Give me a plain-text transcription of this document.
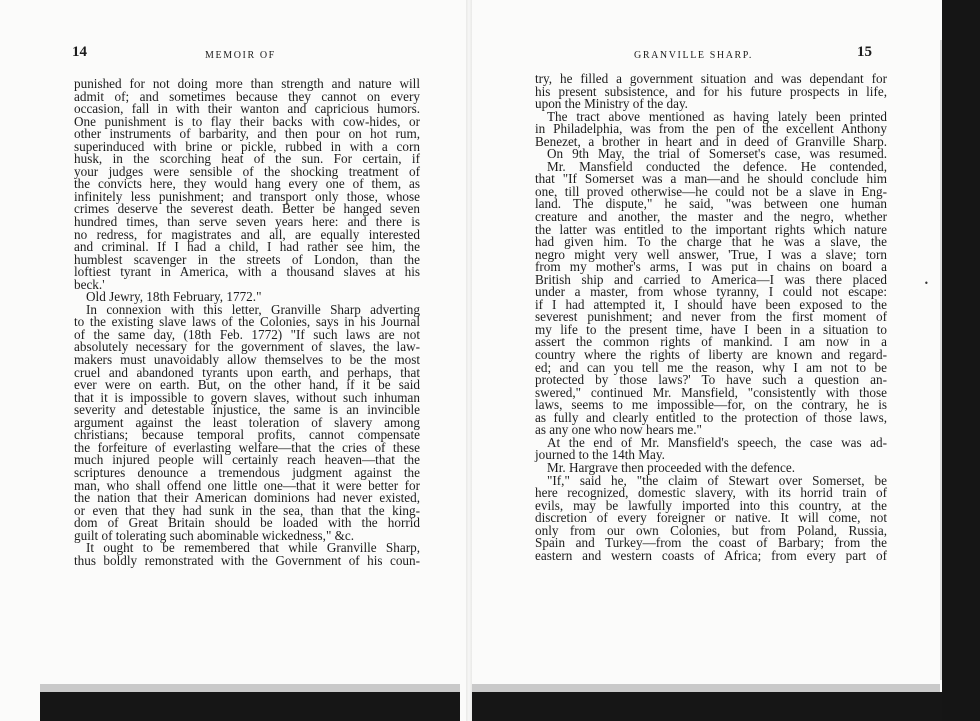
14	MEMOIR OF	15
GRANVILLE SHARP.
punished for not doing more than strength and nature will
admit of; and sometimes because they cannot on every
occasion, fall in with their wanton and capricious humors.
One punishment is to flay their backs with cow-hides, or
other instruments of barbarity, and then pour on hot rum,
superinduced with brine or pickle, rubbed in with a corn
husk, in the scorching heat of the sun. For certain, if
your judges were sensible of the shocking treatment of
the convicts here, they would hang every one of them, as
infinitely less punishment; and transport only those, whose
crimes deserve the severest death. Better be hanged seven
hundred times, than serve seven years here: and there is
no redress, for magistrates and all, are equally interested
and criminal. If I had a child, I had rather see him, the
humblest scavenger in the streets of London, than the
loftiest tyrant in America, with a thousand slaves at his
beck.'
Old Jewry, 18th February, 1772."
In connexion with this letter, Granville Sharp adverting
to the existing slave laws of the Colonies, says in his Journal
of the same day, (18th Feb. 1772) "If such laws are not
absolutely necessary for the government of slaves, the law-
makers must unavoidably allow themselves to be the most
cruel and abandoned tyrants upon earth, and perhaps, that
ever were on earth. But, on the other hand, if it be said
that it is impossible to govern slaves, without such inhuman
severity and detestable injustice, the same is an invincible
argument against the least toleration of slavery among
christians; because temporal profits, cannot compensate
the forfeiture of everlasting welfare—that the cries of these
much injured people will certainly reach heaven—that the
scriptures denounce a tremendous judgment against the
man, who shall offend one little one—that it were better for
the nation that their American dominions had never existed,
or even that they had sunk in the sea, than that the king-
dom of Great Britain should be loaded with the horrid
guilt of tolerating such abominable wickedness," &c.
It ought to be remembered that while Granville Sharp,
thus boldly remonstrated with the Government of his coun-
try, he filled a government situation and was dependant for
his present subsistence, and for his future prospects in life,
upon the Ministry of the day.
The tract above mentioned as having lately been printed
in Philadelphia, was from the pen of the excellent Anthony
Benezet, a brother in heart and in deed of Granville Sharp.
On 9th May, the trial of Somerset's case, was resumed.
Mr. Mansfield conducted the defence. He contended,
that "If Somerset was a man—and he should conclude him
one, till proved otherwise—he could not be a slave in Eng-
land. The dispute," he said, "was between one human
creature and another, the master and the negro, whether
the latter was entitled to the important rights which nature
had given him. To the charge that he was a slave, the
negro might very well answer, 'True, I was a slave; torn
from my mother's arms, I was put in chains on board a
British ship and carried to America—I was there placed
under a master, from whose tyranny, I could not escape:
if I had attempted it, I should have been exposed to the
severest punishment; and never from the first moment of
my life to the present time, have I been in a situation to
assert the common rights of mankind. I am now in a
country where the rights of liberty are known and regard-
ed; and can you tell me the reason, why I am not to be
protected by those laws?' To have such a question an-
swered," continued Mr. Mansfield, "consistently with those
laws, seems to me impossible—for, on the contrary, he is
as fully and clearly entitled to the protection of those laws,
as any one who now hears me."
At the end of Mr. Mansfield's speech, the case was ad-
journed to the 14th May.
Mr. Hargrave then proceeded with the defence.
"If," said he, "the claim of Stewart over Somerset, be
here recognized, domestic slavery, with its horrid train of
evils, may be lawfully imported into this country, at the
discretion of every foreigner or native. It will come, not
only from our own Colonies, but from Poland, Russia,
Spain and Turkey—from the coast of Barbary; from the
eastern and western coasts of Africa; from every part of
•
